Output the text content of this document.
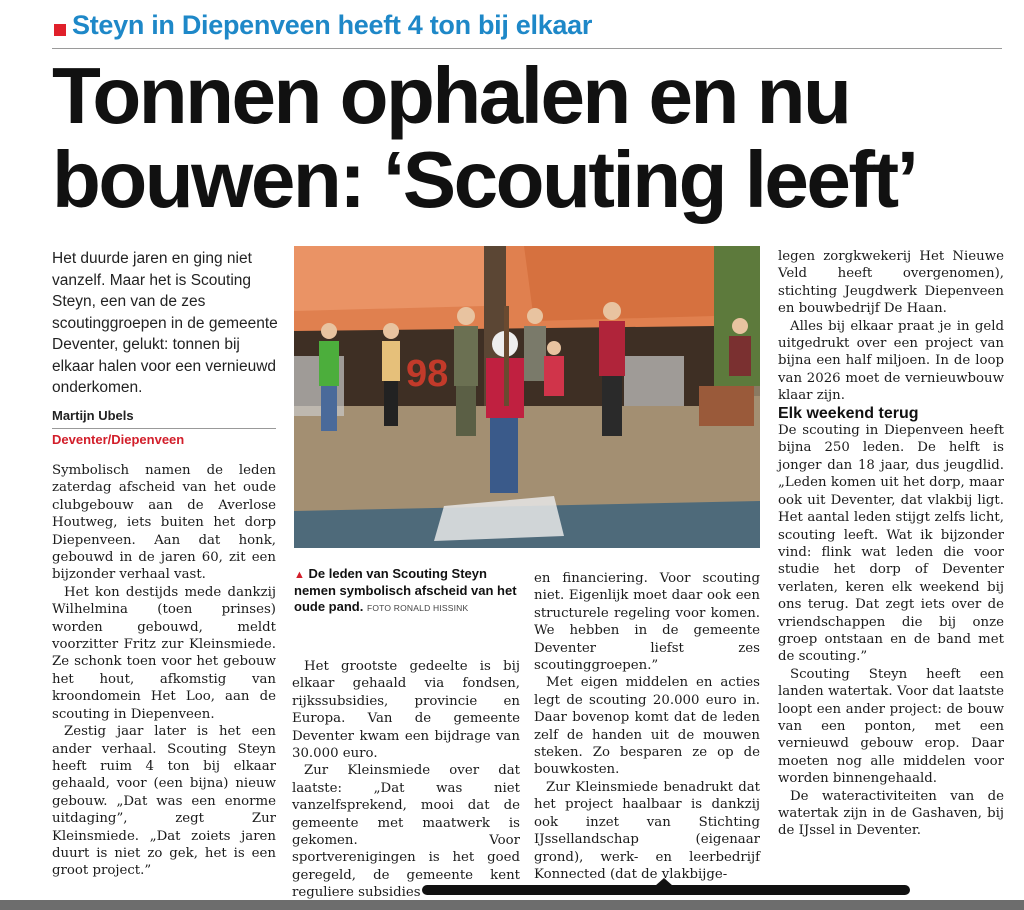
Steyn in Diepenveen heeft 4 ton bij elkaar
Tonnen ophalen en nu
bouwen: ‘Scouting leeft’
Het duurde jaren en ging niet vanzelf. Maar het is Scouting Steyn, een van de zes scoutinggroepen in de gemeente Deventer, gelukt: tonnen bij elkaar halen voor een vernieuwd onderkomen.
Martijn Ubels
Deventer/Diepenveen

Symbolisch namen de leden zaterdag afscheid van het oude clubgebouw aan de Averlose Houtweg, iets buiten het dorp Diepenveen. Aan dat honk, gebouwd in de jaren 60, zit een bijzonder verhaal vast.

Het kon destijds mede dankzij Wilhelmina (toen prinses) worden gebouwd, meldt voorzitter Fritz zur Kleinsmiede. Ze schonk toen voor het gebouw het hout, afkomstig van kroondomein Het Loo, aan de scouting in Diepenveen.

Zestig jaar later is het een ander verhaal. Scouting Steyn heeft ruim 4 ton bij elkaar gehaald, voor (een bijna) nieuw gebouw. „Dat was een enorme uitdaging”, zegt Zur Kleinsmiede. „Dat zoiets jaren duurt is niet zo gek, het is een groot project.”

98
▲ De leden van Scouting Steyn nemen symbolisch afscheid van het oude pand. FOTO RONALD HISSINK

Het grootste gedeelte is bij elkaar gehaald via fondsen, rijkssubsidies, provincie en Europa. Van de gemeente Deventer kwam een bijdrage van 30.000 euro.

Zur Kleinsmiede over dat laatste: „Dat was niet vanzelfsprekend, mooi dat de gemeente met maatwerk is gekomen. Voor sportverenigingen is het goed geregeld, de gemeente kent reguliere subsidies

en financiering. Voor scouting niet. Eigenlijk moet daar ook een structurele regeling voor komen. We hebben in de gemeente Deventer liefst zes scoutinggroepen.”

Met eigen middelen en acties legt de scouting 20.000 euro in. Daar bovenop komt dat de leden zelf de handen uit de mouwen steken. Zo besparen ze op de bouwkosten.

Zur Kleinsmiede benadrukt dat het project haalbaar is dankzij ook inzet van Stichting IJssellandschap (eigenaar grond), werk- en leerbedrijf Konnected (dat de vlakbijge-

legen zorgkwekerij Het Nieuwe Veld heeft overgenomen), stichting Jeugdwerk Diepenveen en bouwbedrijf De Haan.

Alles bij elkaar praat je in geld uitgedrukt over een project van bijna een half miljoen. In de loop van 2026 moet de vernieuwbouw klaar zijn.

Elk weekend terug

De scouting in Diepenveen heeft bijna 250 leden. De helft is jonger dan 18 jaar, dus jeugdlid. „Leden komen uit het dorp, maar ook uit Deventer, dat vlakbij ligt. Het aantal leden stijgt zelfs licht, scouting leeft. Wat ik bijzonder vind: flink wat leden die voor studie het dorp of Deventer verlaten, keren elk weekend bij ons terug. Dat zegt iets over de vriendschappen die bij onze groep ontstaan en de band met de scouting.”

Scouting Steyn heeft een landen watertak. Voor dat laatste loopt een ander project: de bouw van een ponton, met een vernieuwd gebouw erop. Daar moeten nog alle middelen voor worden binnengehaald.

De wateractiviteiten van de watertak zijn in de Gashaven, bij de IJssel in Deventer.
